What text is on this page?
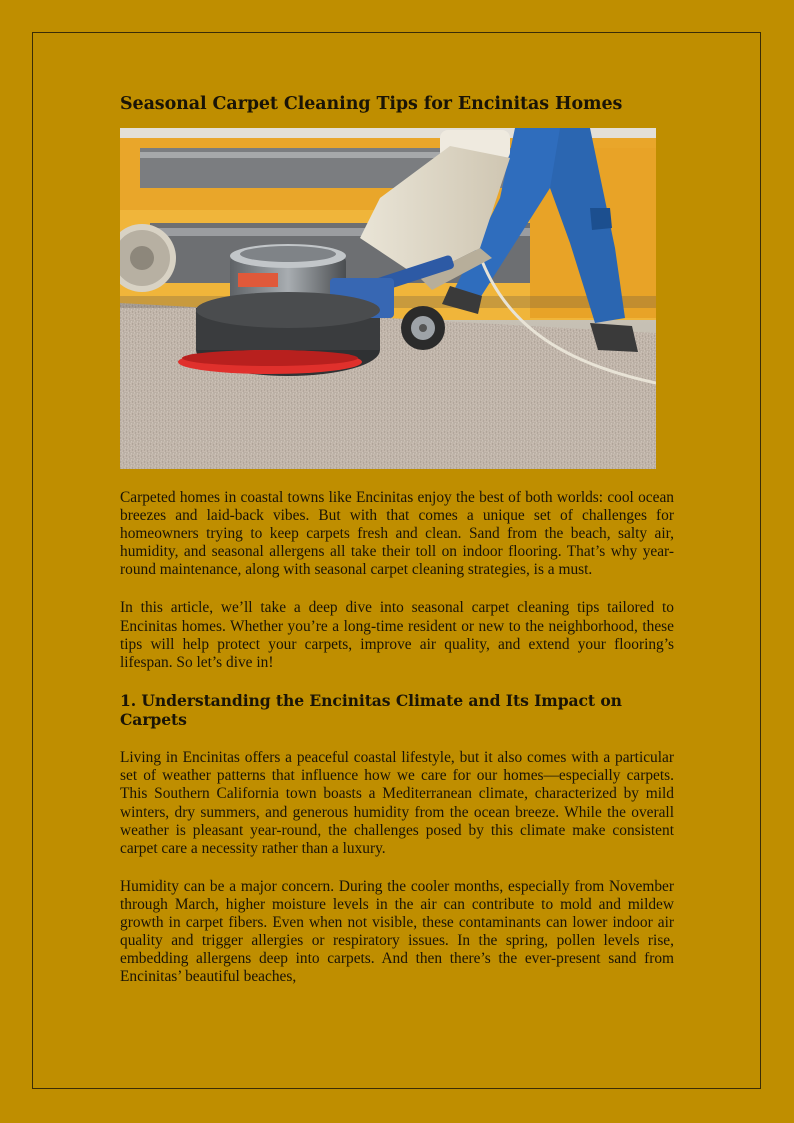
Seasonal Carpet Cleaning Tips for Encinitas Homes

Carpeted homes in coastal towns like Encinitas enjoy the best of both worlds: cool ocean breezes and laid-back vibes. But with that comes a unique set of challenges for homeowners trying to keep carpets fresh and clean. Sand from the beach, salty air, humidity, and seasonal allergens all take their toll on indoor flooring. That’s why year-round maintenance, along with seasonal carpet cleaning strategies, is a must.

In this article, we’ll take a deep dive into seasonal carpet cleaning tips tailored to Encinitas homes. Whether you’re a long-time resident or new to the neighborhood, these tips will help protect your carpets, improve air quality, and extend your flooring’s lifespan. So let’s dive in!

1. Understanding the Encinitas Climate and Its Impact on Carpets

Living in Encinitas offers a peaceful coastal lifestyle, but it also comes with a particular set of weather patterns that influence how we care for our homes—especially carpets. This Southern California town boasts a Mediterranean climate, characterized by mild winters, dry summers, and generous humidity from the ocean breeze. While the overall weather is pleasant year-round, the challenges posed by this climate make consistent carpet care a necessity rather than a luxury.

Humidity can be a major concern. During the cooler months, especially from November through March, higher moisture levels in the air can contribute to mold and mildew growth in carpet fibers. Even when not visible, these contaminants can lower indoor air quality and trigger allergies or respiratory issues. In the spring, pollen levels rise, embedding allergens deep into carpets. And then there’s the ever-present sand from Encinitas’ beautiful beaches,
